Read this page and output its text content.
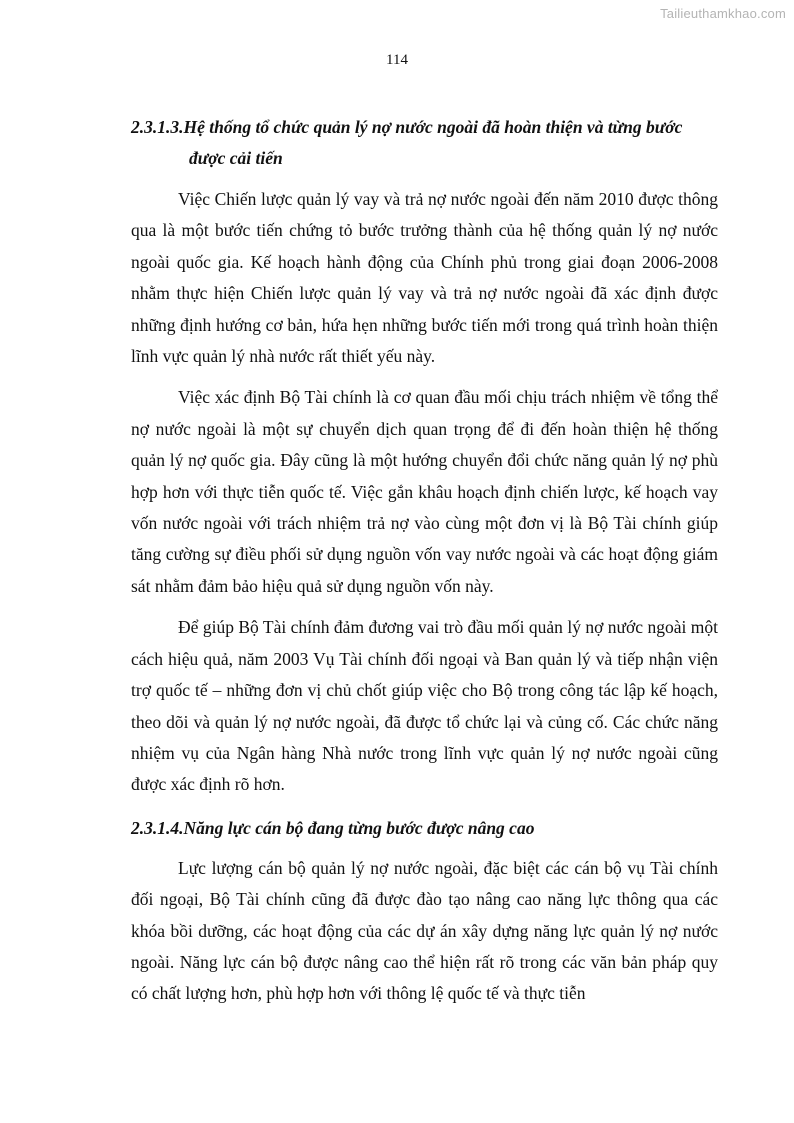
Tailieuthamkhao.com
114
2.3.1.3.Hệ thống tổ chức quản lý nợ nước ngoài đã hoàn thiện và từng bước
được cải tiến

Việc Chiến lược quản lý vay và trả nợ nước ngoài đến năm 2010 được thông qua là một bước tiến chứng tỏ bước trưởng thành của hệ thống quản lý nợ nước ngoài quốc gia. Kế hoạch hành động của Chính phủ trong giai đoạn 2006-2008 nhằm thực hiện Chiến lược quản lý vay và trả nợ nước ngoài đã xác định được những định hướng cơ bản, hứa hẹn những bước tiến mới trong quá trình hoàn thiện lĩnh vực quản lý nhà nước rất thiết yếu này.

Việc xác định Bộ Tài chính là cơ quan đầu mối chịu trách nhiệm về tổng thể nợ nước ngoài là một sự chuyển dịch quan trọng để đi đến hoàn thiện hệ thống quản lý nợ quốc gia. Đây cũng là một hướng chuyển đổi chức năng quản lý nợ phù hợp hơn với thực tiễn quốc tế. Việc gắn khâu hoạch định chiến lược, kế hoạch vay vốn nước ngoài với trách nhiệm trả nợ vào cùng một đơn vị là Bộ Tài chính giúp tăng cường sự điều phối sử dụng nguồn vốn vay nước ngoài và các hoạt động giám sát nhằm đảm bảo hiệu quả sử dụng nguồn vốn này.

Để giúp Bộ Tài chính đảm đương vai trò đầu mối quản lý nợ nước ngoài một cách hiệu quả, năm 2003 Vụ Tài chính đối ngoại và Ban quản lý và tiếp nhận viện trợ quốc tế – những đơn vị chủ chốt giúp việc cho Bộ trong công tác lập kế hoạch, theo dõi và quản lý nợ nước ngoài, đã được tổ chức lại và củng cố. Các chức năng nhiệm vụ của Ngân hàng Nhà nước trong lĩnh vực quản lý nợ nước ngoài cũng được xác định rõ hơn.

2.3.1.4.Năng lực cán bộ đang từng bước được nâng cao

Lực lượng cán bộ quản lý nợ nước ngoài, đặc biệt các cán bộ vụ Tài chính đối ngoại, Bộ Tài chính cũng đã được đào tạo nâng cao năng lực thông qua các khóa bồi dưỡng, các hoạt động của các dự án xây dựng năng lực quản lý nợ nước ngoài. Năng lực cán bộ được nâng cao thể hiện rất rõ trong các văn bản pháp quy có chất lượng hơn, phù hợp hơn với thông lệ quốc tế và thực tiễn
